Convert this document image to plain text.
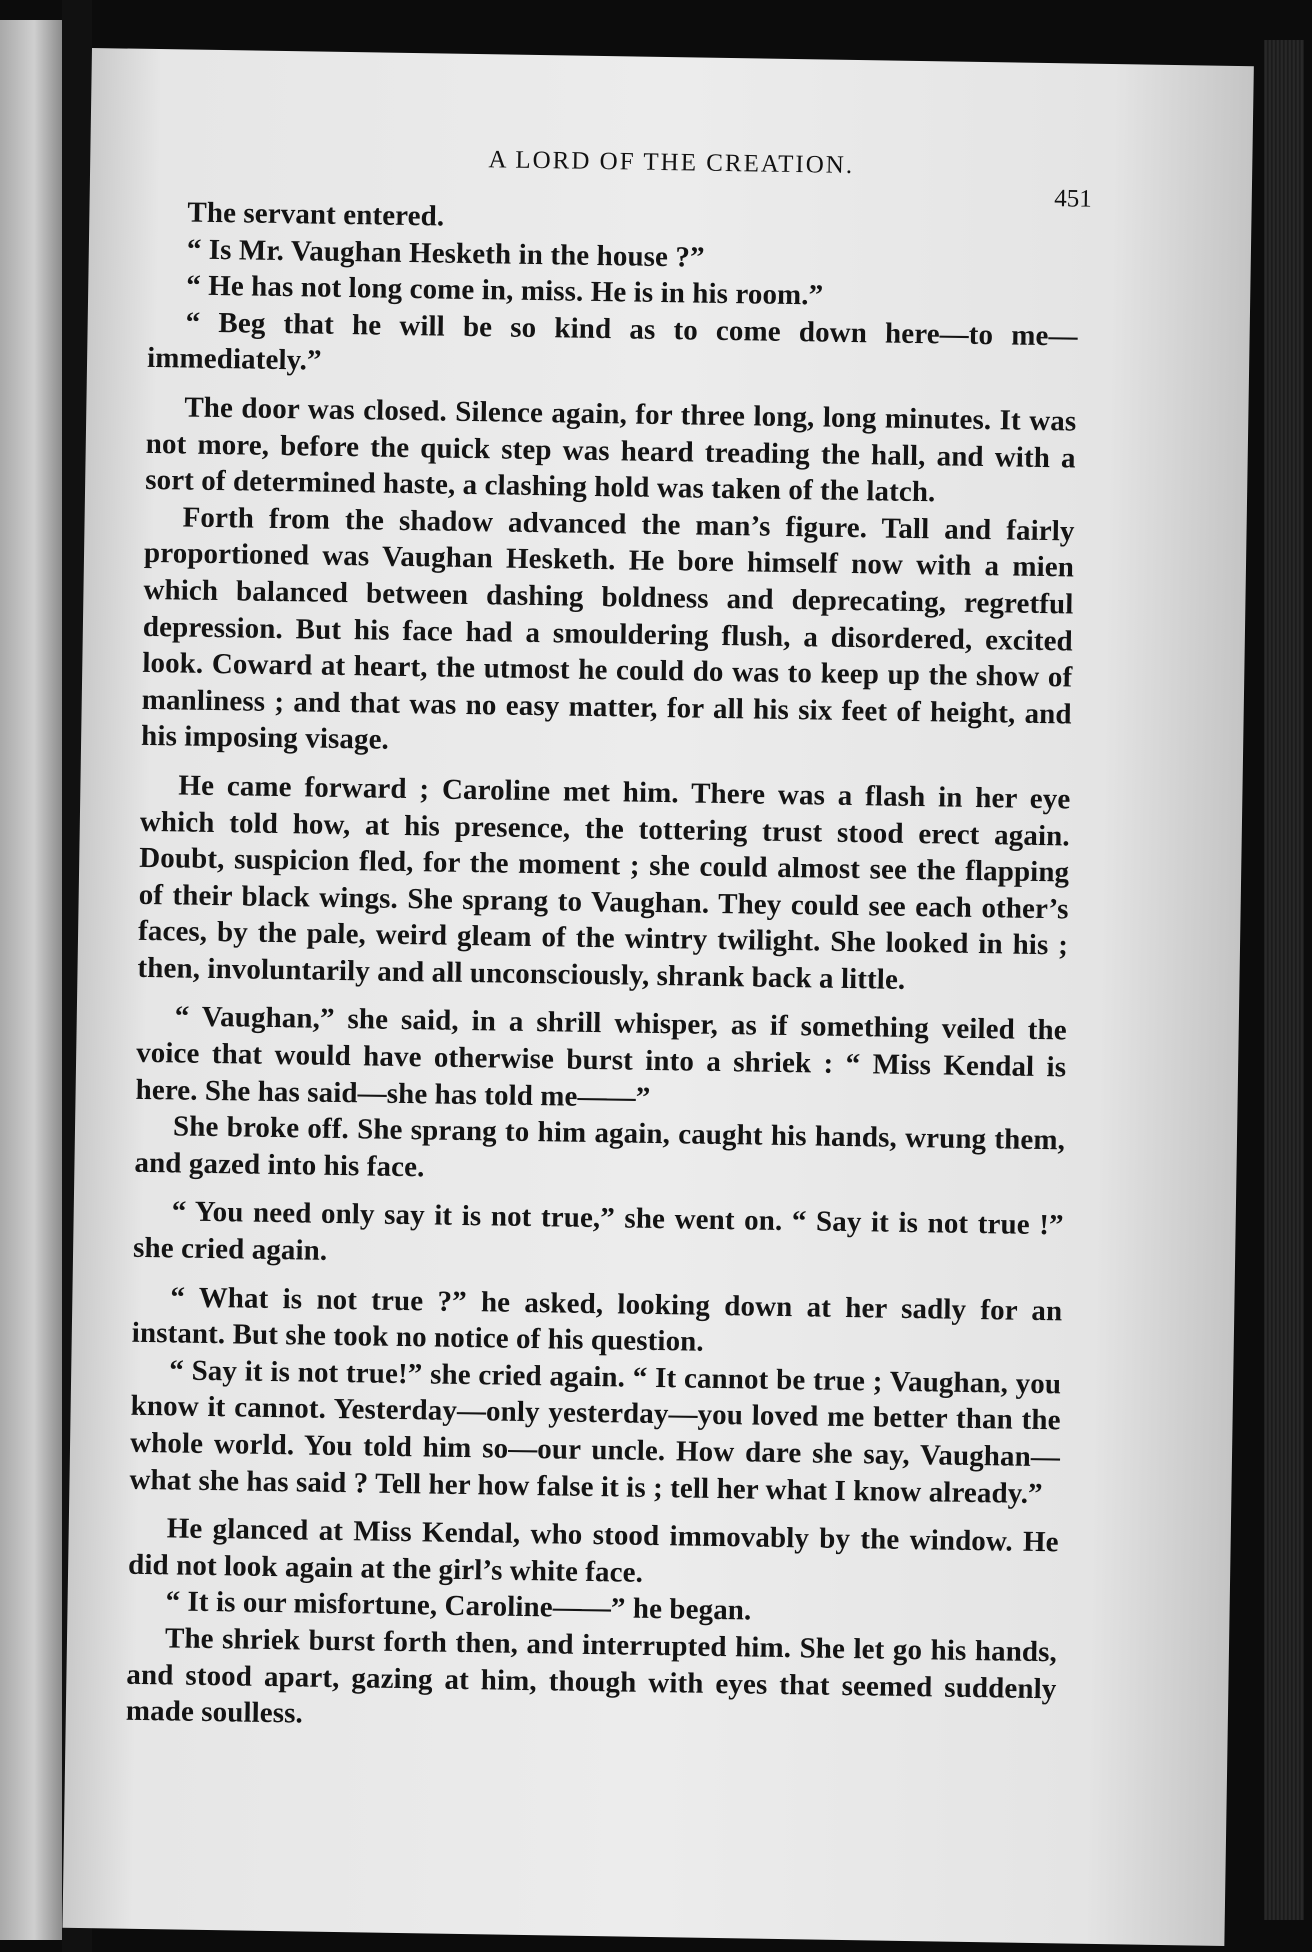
A LORD OF THE CREATION.
451

The servant entered.

“ Is Mr. Vaughan Hesketh in the house ?”

“ He has not long come in, miss. He is in his room.”

“ Beg that he will be so kind as to come down here—to me—immediately.”

The door was closed. Silence again, for three long, long minutes. It was not more, before the quick step was heard treading the hall, and with a sort of determined haste, a clashing hold was taken of the latch.

Forth from the shadow advanced the man’s figure. Tall and fairly proportioned was Vaughan Hesketh. He bore himself now with a mien which balanced between dashing boldness and deprecating, regretful depression. But his face had a smouldering flush, a disordered, excited look. Coward at heart, the utmost he could do was to keep up the show of manliness ; and that was no easy matter, for all his six feet of height, and his imposing visage.

He came forward ; Caroline met him. There was a flash in her eye which told how, at his presence, the tottering trust stood erect again. Doubt, suspicion fled, for the moment ; she could almost see the flapping of their black wings. She sprang to Vaughan. They could see each other’s faces, by the pale, weird gleam of the wintry twilight. She looked in his ; then, involuntarily and all unconsciously, shrank back a little.

“ Vaughan,” she said, in a shrill whisper, as if something veiled the voice that would have otherwise burst into a shriek : “ Miss Kendal is here. She has said—she has told me——”

She broke off. She sprang to him again, caught his hands, wrung them, and gazed into his face.

“ You need only say it is not true,” she went on. “ Say it is not true !” she cried again.

“ What is not true ?” he asked, looking down at her sadly for an instant. But she took no notice of his question.

“ Say it is not true!” she cried again. “ It cannot be true ; Vaughan, you know it cannot. Yesterday—only yesterday—you loved me better than the whole world. You told him so—our uncle. How dare she say, Vaughan—what she has said ? Tell her how false it is ; tell her what I know already.”

He glanced at Miss Kendal, who stood immovably by the window. He did not look again at the girl’s white face.

“ It is our misfortune, Caroline——” he began.

The shriek burst forth then, and interrupted him. She let go his hands, and stood apart, gazing at him, though with eyes that seemed suddenly made soulless.
